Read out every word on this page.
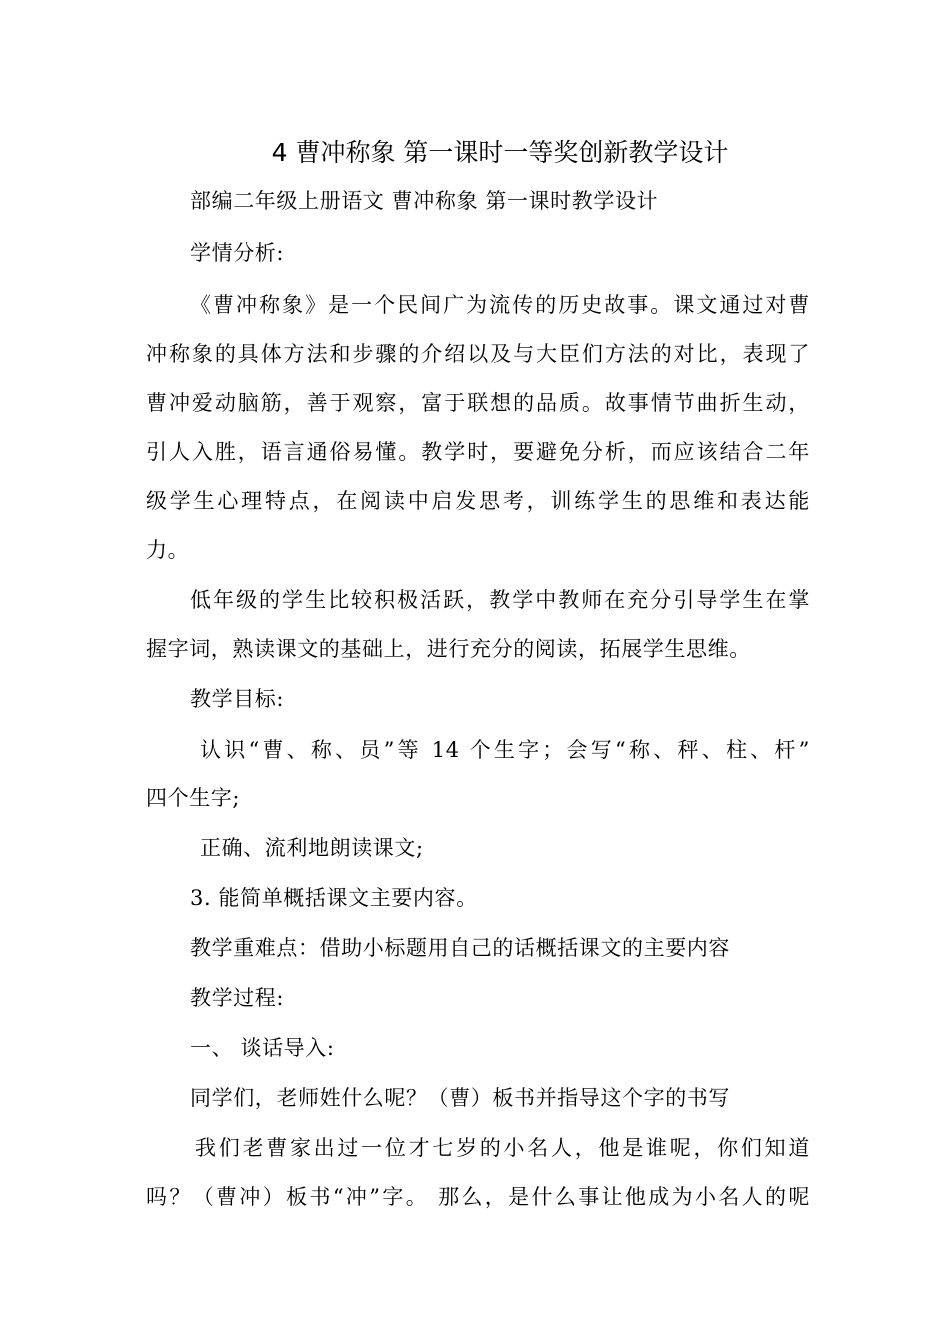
4 曹冲称象 第一课时一等奖创新教学设计
部编二年级上册语文 曹冲称象 第一课时教学设计
学情分析:
《曹冲称象》是一个民间广为流传的历史故事。课文通过对曹
冲称象的具体方法和步骤的介绍以及与大臣们方法的对比，表现了
曹冲爱动脑筋，善于观察，富于联想的品质。故事情节曲折生动，
引人入胜，语言通俗易懂。教学时，要避免分析，而应该结合二年
级学生心理特点，在阅读中启发思考，训练学生的思维和表达能
力。
低年级的学生比较积极活跃，教学中教师在充分引导学生在掌
握字词，熟读课文的基础上，进行充分的阅读，拓展学生思维。
教学目标:
认识“曹、称、员”等 14 个生字；会写“称、秤、柱、杆”
四个生字;
正确、流利地朗读课文;
3. 能简单概括课文主要内容。
教学重难点：借助小标题用自己的话概括课文的主要内容
教学过程:
一、 谈话导入:
同学们，老师姓什么呢？（曹）板书并指导这个字的书写
我们老曹家出过一位才七岁的小名人，他是谁呢，你们知道
吗？（曹冲）板书“冲”字。 那么，是什么事让他成为小名人的呢
